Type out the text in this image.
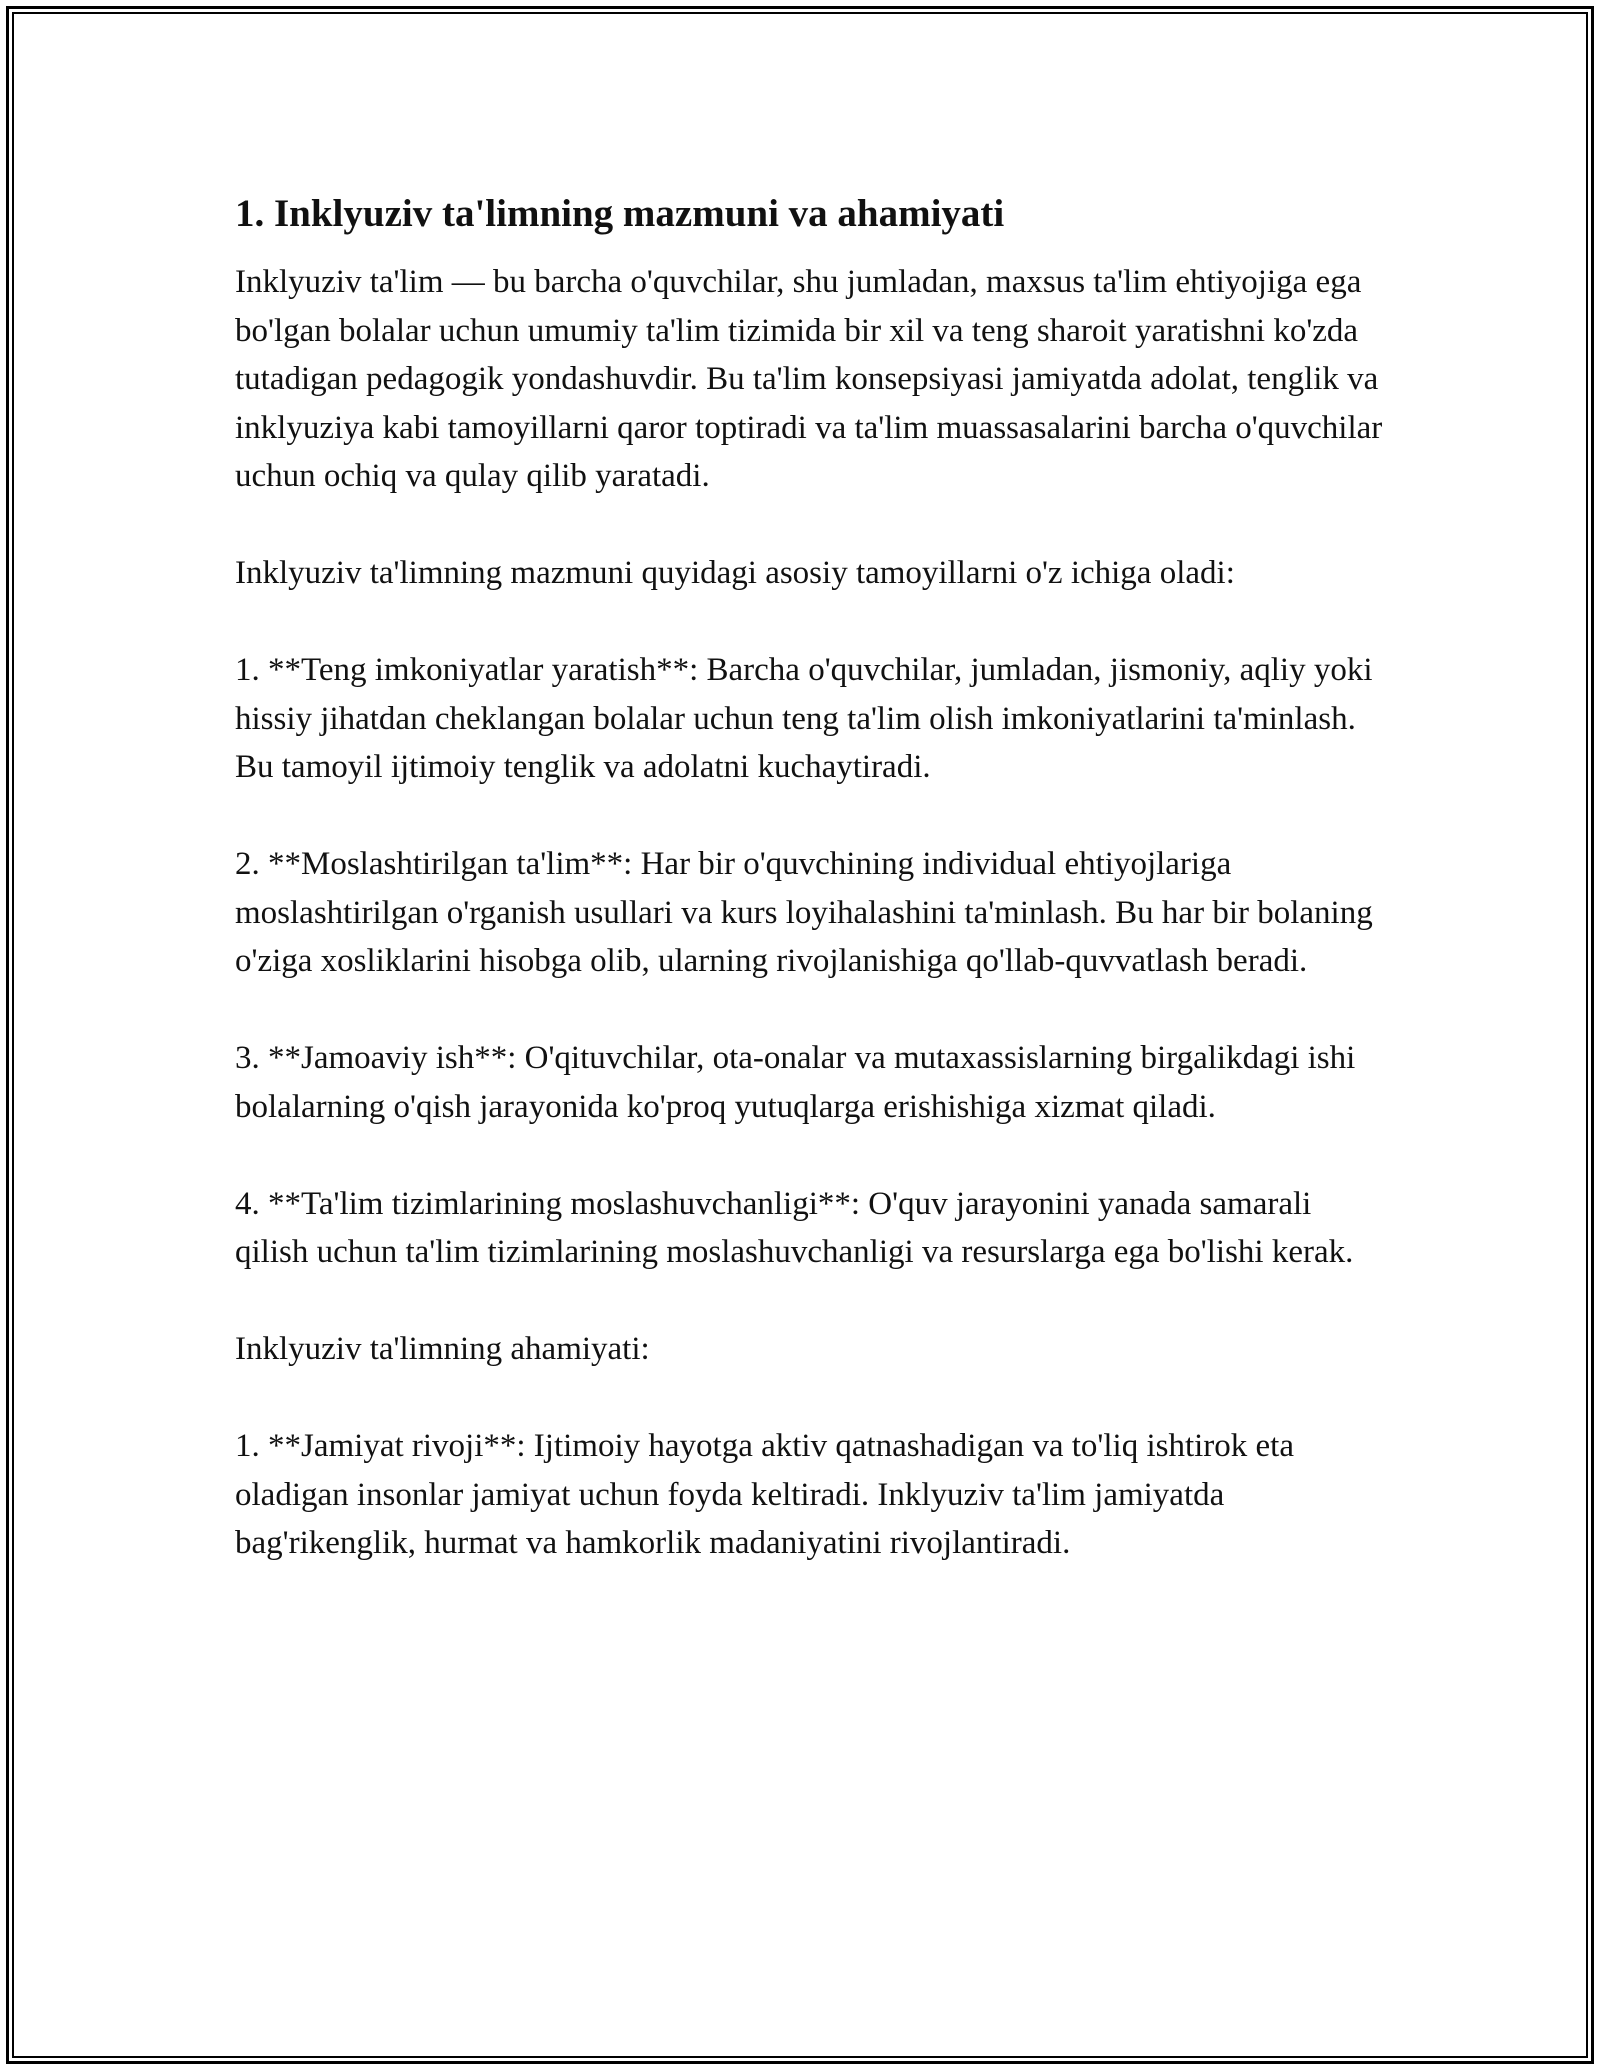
1. Inklyuziv ta'limning mazmuni va ahamiyati

Inklyuziv ta'lim — bu barcha o'quvchilar, shu jumladan, maxsus ta'lim ehtiyojiga ega bo'lgan bolalar uchun umumiy ta'lim tizimida bir xil va teng sharoit yaratishni ko'zda tutadigan pedagogik yondashuvdir. Bu ta'lim konsepsiyasi jamiyatda adolat, tenglik va inklyuziya kabi tamoyillarni qaror toptiradi va ta'lim muassasalarini barcha o'quvchilar uchun ochiq va qulay qilib yaratadi.

Inklyuziv ta'limning mazmuni quyidagi asosiy tamoyillarni o'z ichiga oladi:

1. **Teng imkoniyatlar yaratish**: Barcha o'quvchilar, jumladan, jismoniy, aqliy yoki hissiy jihatdan cheklangan bolalar uchun teng ta'lim olish imkoniyatlarini ta'minlash. Bu tamoyil ijtimoiy tenglik va adolatni kuchaytiradi.

2. **Moslashtirilgan ta'lim**: Har bir o'quvchining individual ehtiyojlariga moslashtirilgan o'rganish usullari va kurs loyihalashini ta'minlash. Bu har bir bolaning o'ziga xosliklarini hisobga olib, ularning rivojlanishiga qo'llab-quvvatlash beradi.

3. **Jamoaviy ish**: O'qituvchilar, ota-onalar va mutaxassislarning birgalikdagi ishi bolalarning o'qish jarayonida ko'proq yutuqlarga erishishiga xizmat qiladi.

4. **Ta'lim tizimlarining moslashuvchanligi**: O'quv jarayonini yanada samarali qilish uchun ta'lim tizimlarining moslashuvchanligi va resurslarga ega bo'lishi kerak.

Inklyuziv ta'limning ahamiyati:

1. **Jamiyat rivoji**: Ijtimoiy hayotga aktiv qatnashadigan va to'liq ishtirok eta oladigan insonlar jamiyat uchun foyda keltiradi. Inklyuziv ta'lim jamiyatda bag'rikenglik, hurmat va hamkorlik madaniyatini rivojlantiradi.
